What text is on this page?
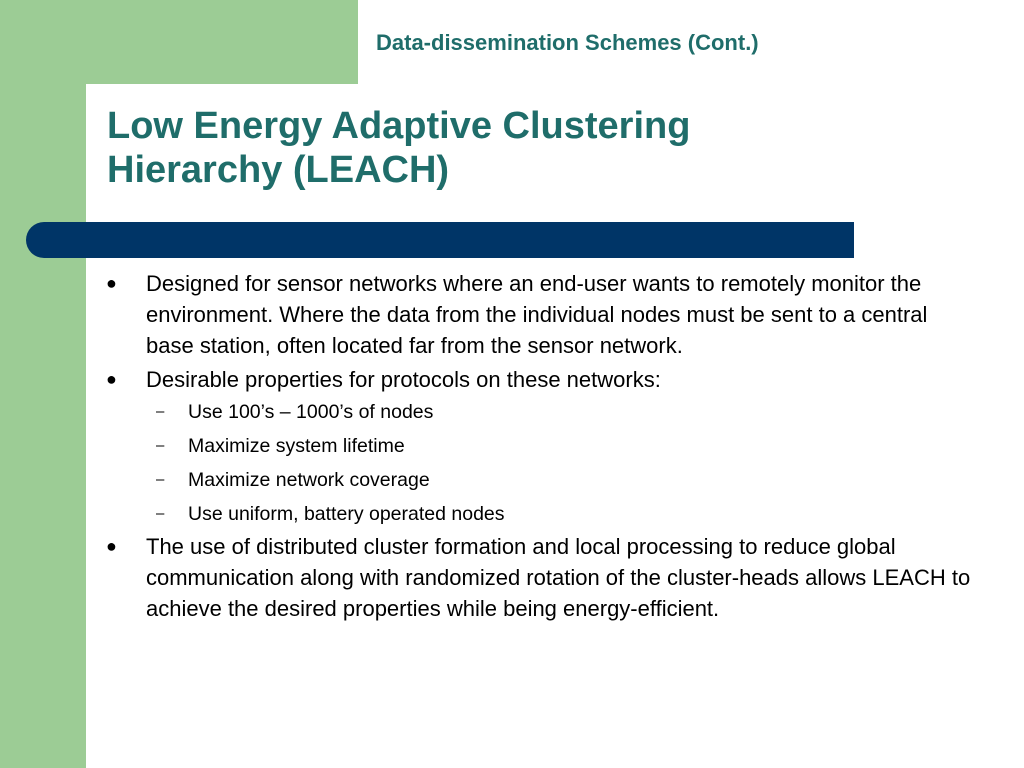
Data-dissemination Schemes (Cont.)
Low Energy Adaptive Clustering
Hierarchy (LEACH)
●	Designed for sensor networks where an end-user wants to remotely monitor the environment. Where the data from the individual nodes must be sent to a central base station, often located far from the sensor network.
●	Desirable properties for protocols on these networks:
–	Use 100’s – 1000’s of nodes
–	Maximize system lifetime
–	Maximize network coverage
–	Use uniform, battery operated nodes
●	The use of distributed cluster formation and local processing to reduce global communication along with randomized rotation of the cluster-heads allows LEACH to achieve the desired properties while being energy-efficient.
